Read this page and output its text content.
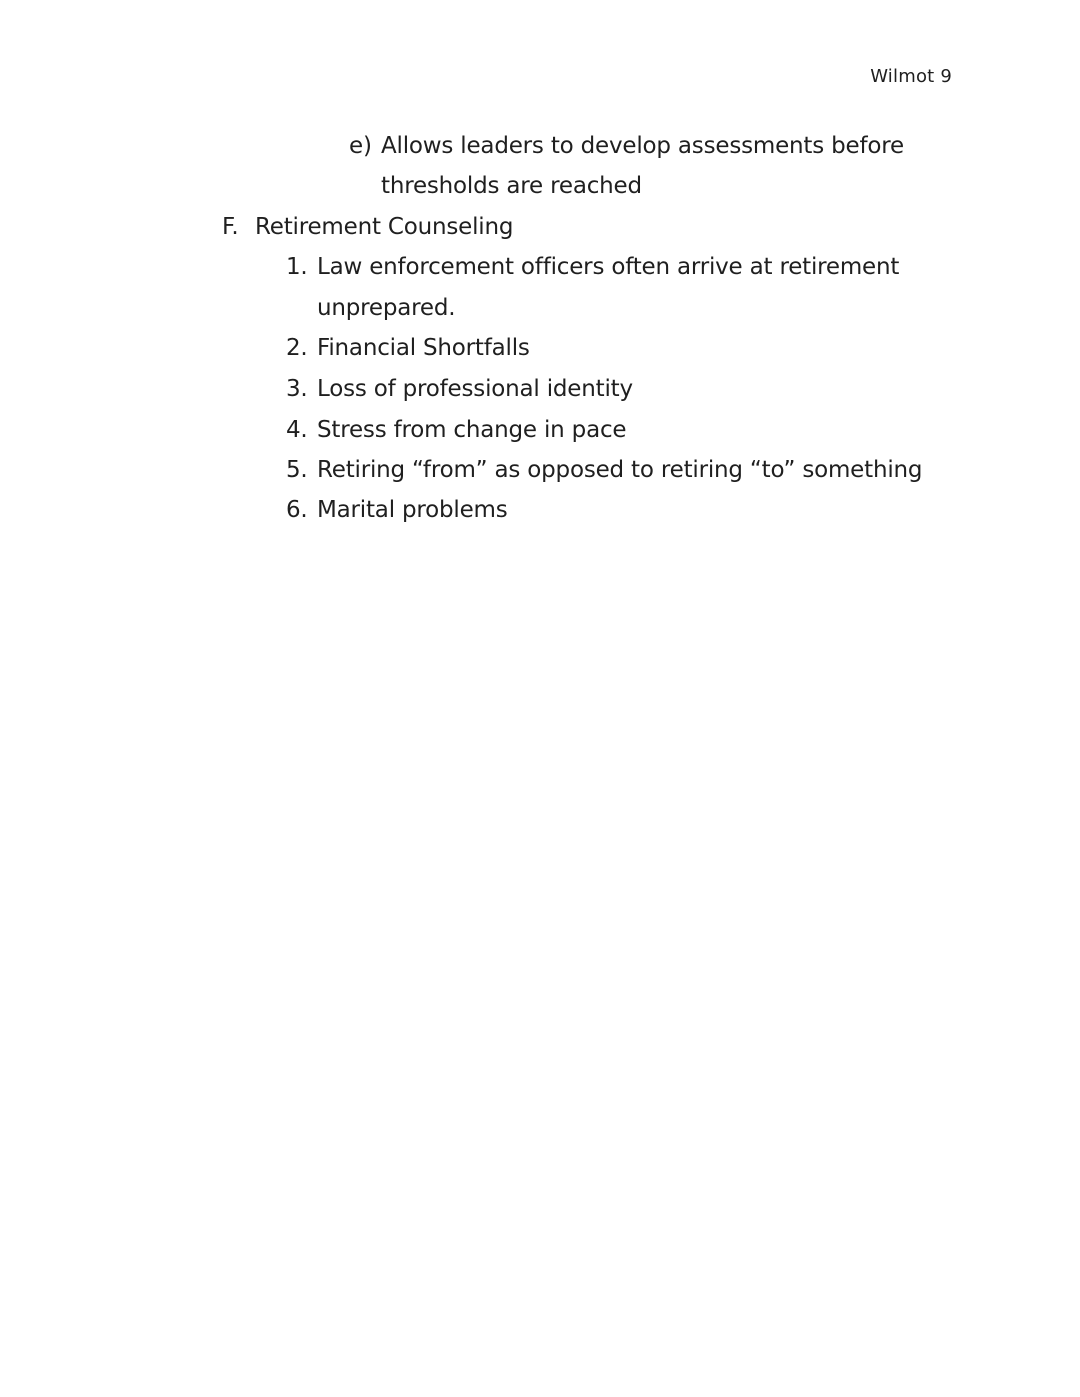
Wilmot 9
e) Allows leaders to develop assessments before
thresholds are reached
F. Retirement Counseling
1. Law enforcement officers often arrive at retirement
unprepared.
2. Financial Shortfalls
3. Loss of professional identity
4. Stress from change in pace
5. Retiring “from” as opposed to retiring “to” something
6. Marital problems
